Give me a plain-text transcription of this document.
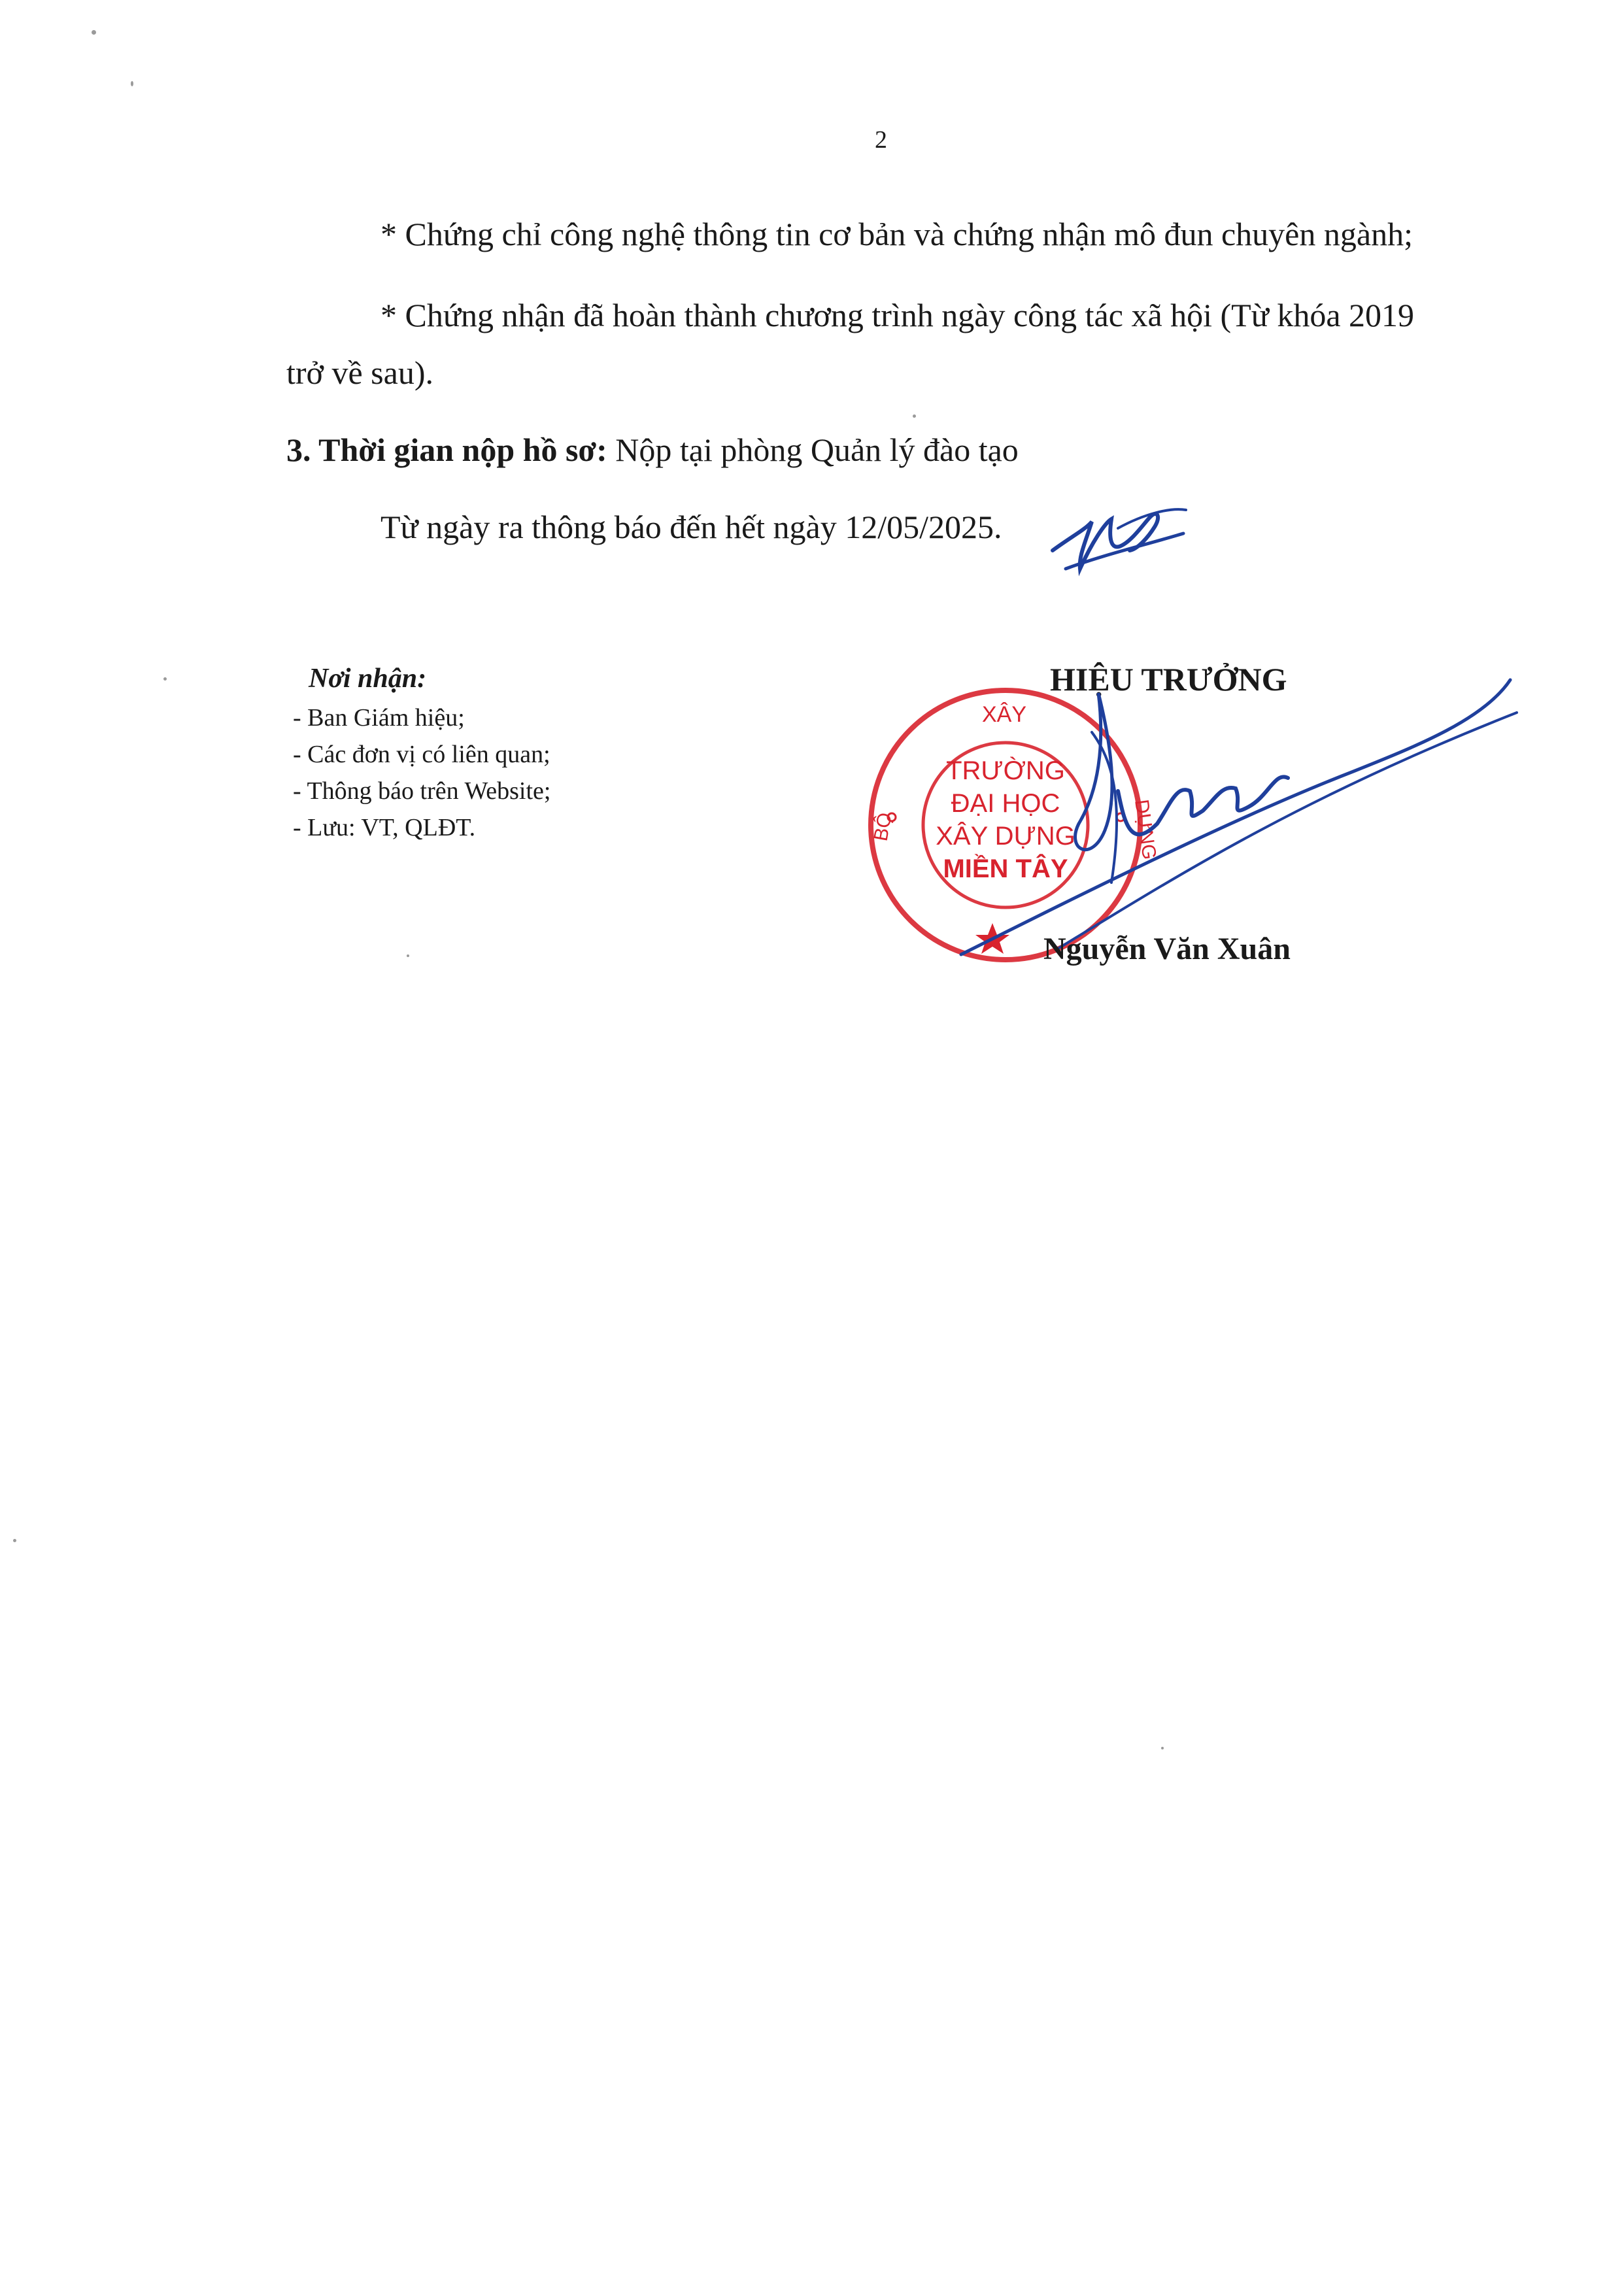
2
* Chứng chỉ công nghệ thông tin cơ bản và chứng nhận mô đun chuyên ngành;
* Chứng nhận đã hoàn thành chương trình ngày công tác xã hội (Từ khóa 2019
trở về sau).
3. Thời gian nộp hồ sơ: Nộp tại phòng Quản lý đào tạo
Từ ngày ra thông báo đến hết ngày 12/05/2025.
Nơi nhận:
- Ban Giám hiệu;
- Các đơn vị có liên quan;
- Thông báo trên Website;
- Lưu: VT, QLĐT.
HIỆU TRƯỞNG
XÂY
BỘ	DỰNG
TRƯỜNG
ĐẠI HỌC
XÂY DỰNG
MIỀN TÂY
Nguyễn Văn Xuân
